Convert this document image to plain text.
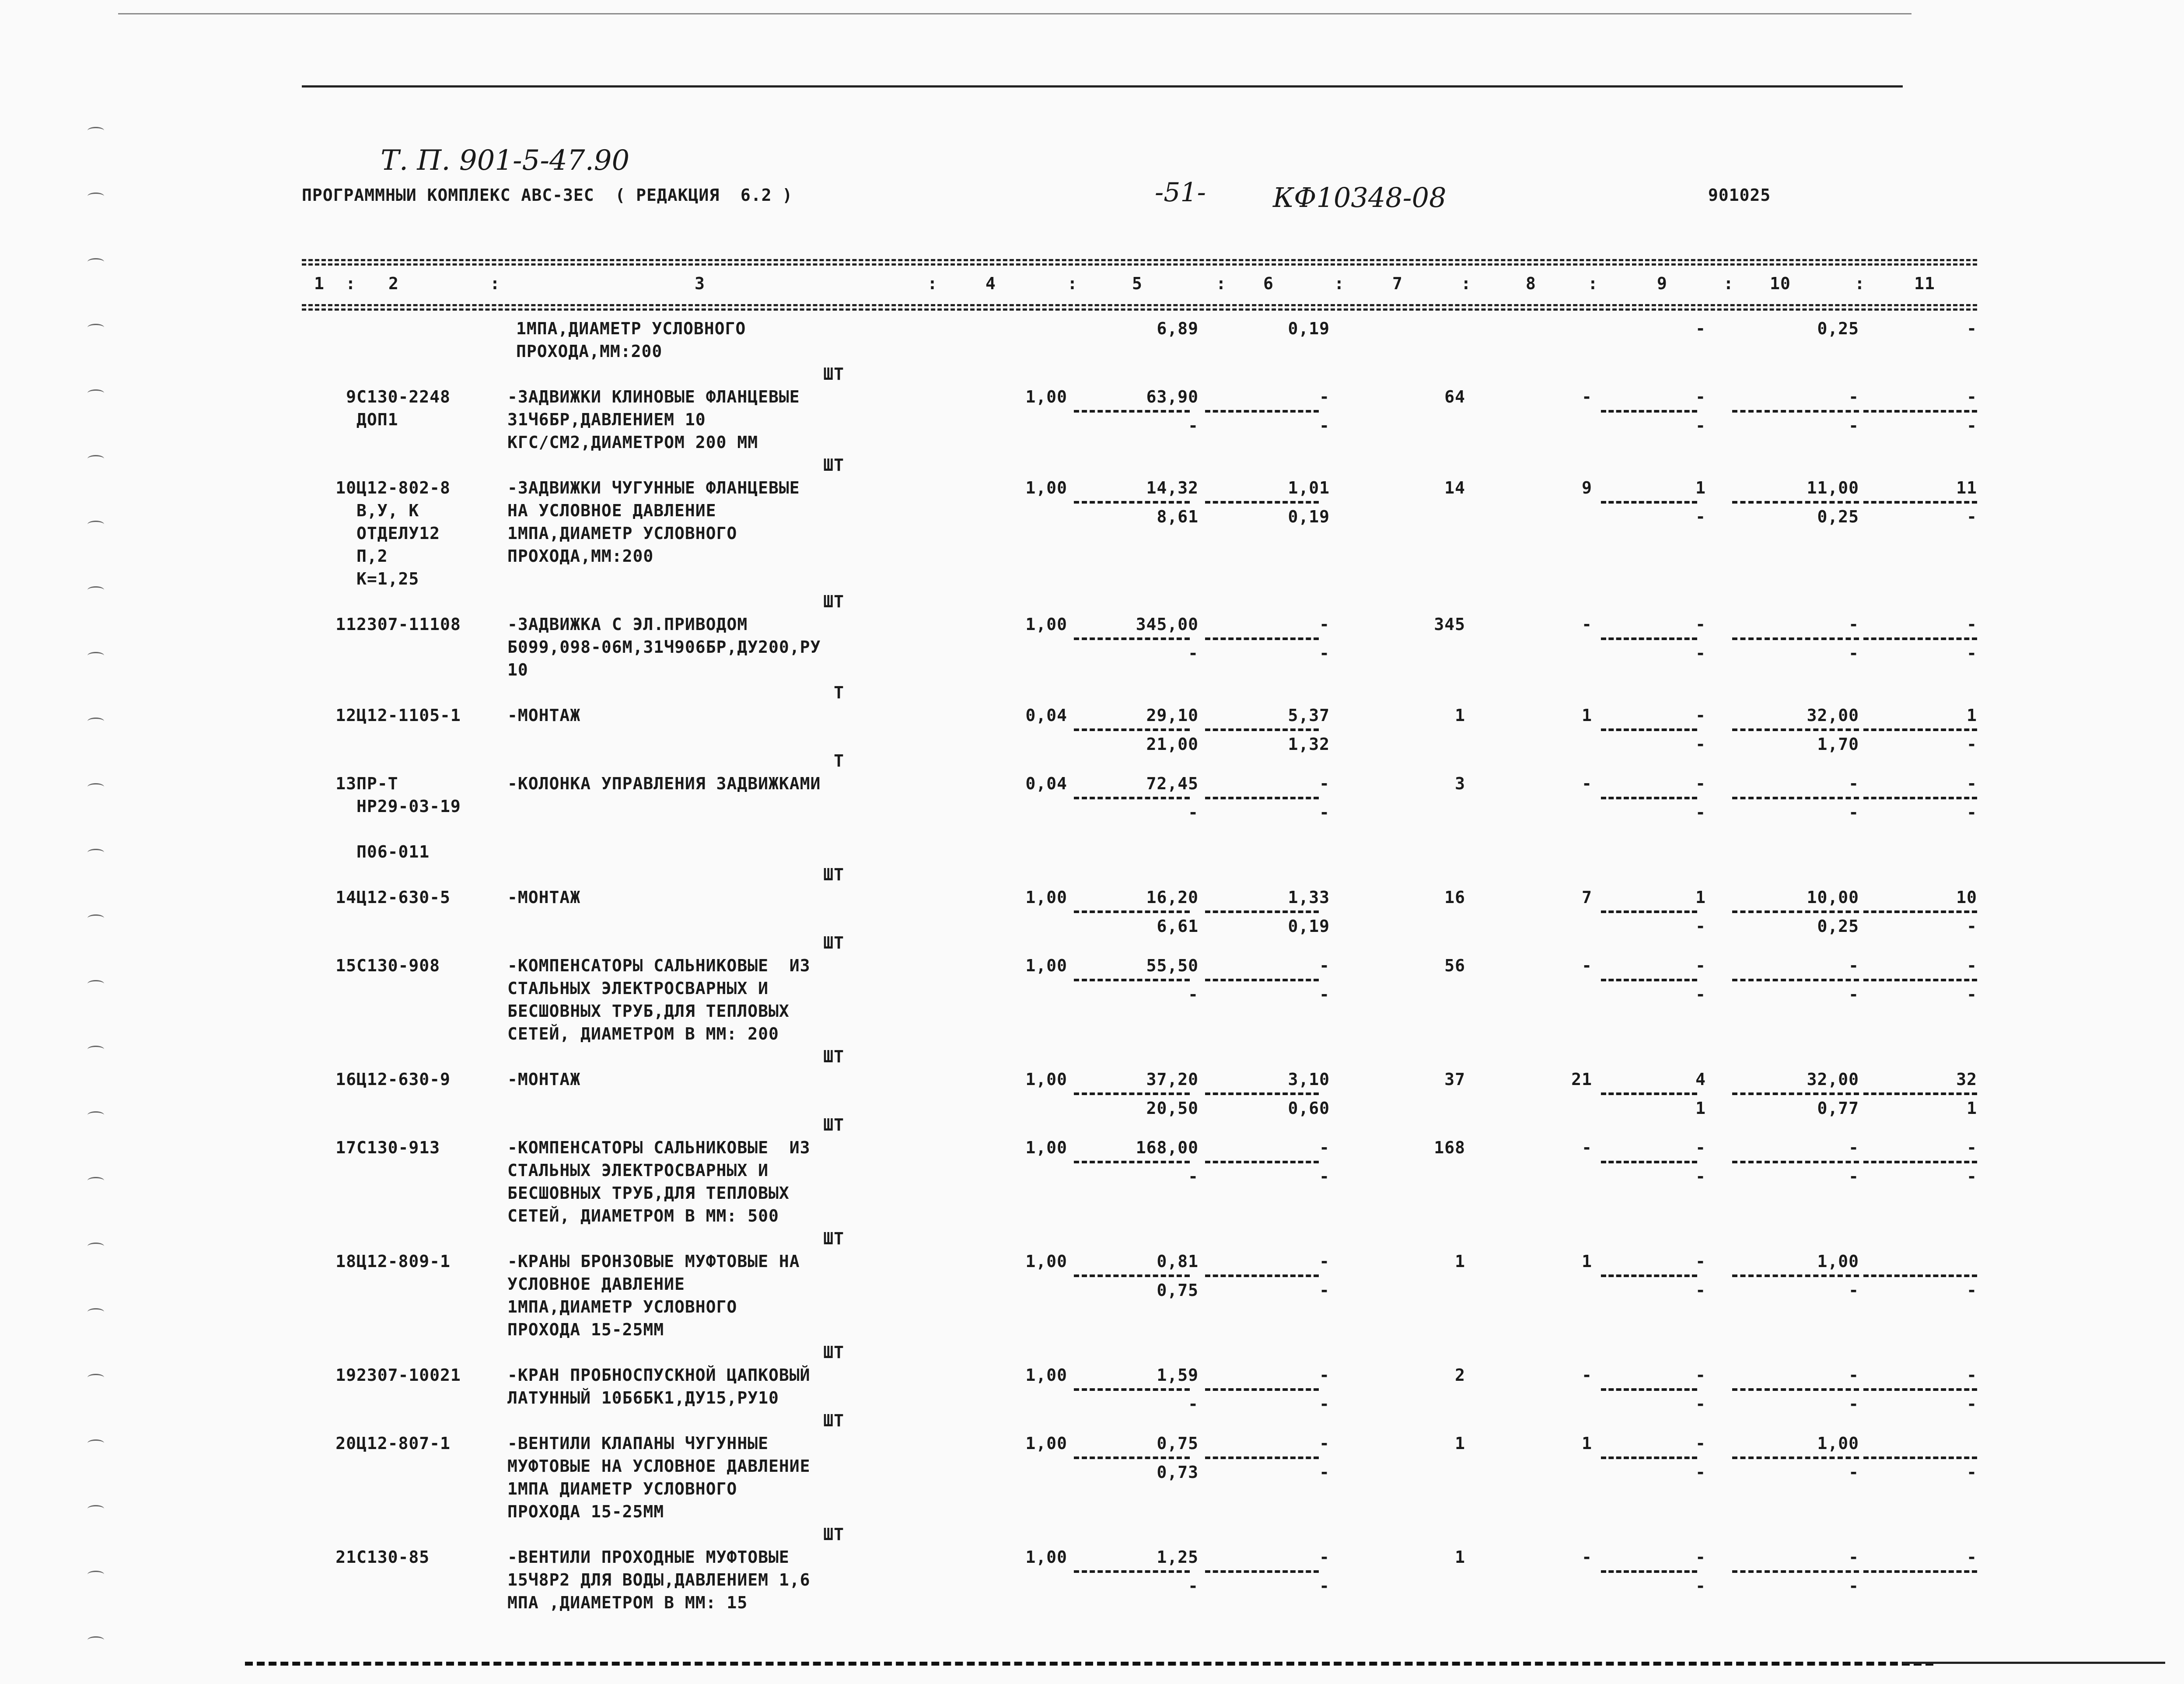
Т. П. 901-5-47.90
ПРОГРАММНЫИ КОМПЛЕКС АВС-3ЕС  ( РЕДАКЦИЯ  6.2 )	-51- КФ10348-08	901025
1	2	3	4	5	6	7	8	9	10	11
:	:	:	:	:	:	:	:	:	:
1МПА,ДИАМЕТР УСЛОВНОГО
ПРОХОДА,ММ:200
6,89	0,19	-	0,25	-
ШТ
9 С130-2248
ДОП1
-ЗАДВИЖКИ КЛИНОВЫЕ ФЛАНЦЕВЫЕ
31Ч6БР,ДАВЛЕНИЕМ 10
КГС/СМ2,ДИАМЕТРОМ 200 ММ
1,00	63,90	-	64	-	-	-	-
-	-	-	-	-
ШТ
10 Ц12-802-8
В,У, К
ОТДЕЛУ12
П,2
К=1,25
-ЗАДВИЖКИ ЧУГУННЫЕ ФЛАНЦЕВЫЕ
НА УСЛОВНОЕ ДАВЛЕНИЕ
1МПА,ДИАМЕТР УСЛОВНОГО
ПРОХОДА,ММ:200
1,00	14,32	1,01	14	9	1	11,00	11
8,61	0,19	-	0,25	-
ШТ
11 2307-11108	-ЗАДВИЖКА С ЭЛ.ПРИВОДОМ
Б099,098-06М,31Ч906БР,ДУ200,РУ
10
1,00	345,00	-	345	-	-	-	-
-	-	-	-	-
Т
12 Ц12-1105-1	-МОНТАЖ	0,04	29,10	5,37	1	1	-	32,00	1
21,00	1,32	-	1,70	-
Т
13 ПР-Т
НР29-03-19
П06-011
-КОЛОНКА УПРАВЛЕНИЯ ЗАДВИЖКАМИ	0,04	72,45	-	3	-	-	-	-
-	-	-	-	-
ШТ
14 Ц12-630-5	-МОНТАЖ	1,00	16,20	1,33	16	7	1	10,00	10
6,61	0,19	-	0,25	-
ШТ
15 С130-908	-КОМПЕНСАТОРЫ САЛЬНИКОВЫЕ  ИЗ
СТАЛЬНЫХ ЭЛЕКТРОСВАРНЫХ И
БЕСШОВНЫХ ТРУБ,ДЛЯ ТЕПЛОВЫХ
СЕТЕЙ, ДИАМЕТРОМ В ММ: 200
1,00	55,50	-	56	-	-	-	-
-	-	-	-	-
ШТ
16 Ц12-630-9	-МОНТАЖ	1,00	37,20	3,10	37	21	4	32,00	32
20,50	0,60	1	0,77	1
ШТ
17 С130-913	-КОМПЕНСАТОРЫ САЛЬНИКОВЫЕ  ИЗ
СТАЛЬНЫХ ЭЛЕКТРОСВАРНЫХ И
БЕСШОВНЫХ ТРУБ,ДЛЯ ТЕПЛОВЫХ
СЕТЕЙ, ДИАМЕТРОМ В ММ: 500
1,00	168,00	-	168	-	-	-	-
-	-	-	-	-
ШТ
18 Ц12-809-1	-КРАНЫ БРОНЗОВЫЕ МУФТОВЫЕ НА
УСЛОВНОЕ ДАВЛЕНИЕ
1МПА,ДИАМЕТР УСЛОВНОГО
ПРОХОДА 15-25ММ
1,00	0,81	-	1	1	-	1,00
0,75	-	-	-	-
ШТ
19 2307-10021	-КРАН ПРОБНОСПУСКНОЙ ЦАПКОВЫЙ
ЛАТУННЫЙ 10Б6БК1,ДУ15,РУ10
1,00	1,59	-	2	-	-	-	-
-	-	-	-	-
ШТ
20 Ц12-807-1	-ВЕНТИЛИ КЛАПАНЫ ЧУГУННЫЕ
МУФТОВЫЕ НА УСЛОВНОЕ ДАВЛЕНИЕ
1МПА ДИАМЕТР УСЛОВНОГО
ПРОХОДА 15-25ММ
1,00	0,75	-	1	1	-	1,00
0,73	-	-	-	-
ШТ
21 С130-85	-ВЕНТИЛИ ПРОХОДНЫЕ МУФТОВЫЕ
15Ч8Р2 ДЛЯ ВОДЫ,ДАВЛЕНИЕМ 1,6
МПА ,ДИАМЕТРОМ В ММ: 15
1,00	1,25	-	1	-	-	-	-
-	-	-	-
